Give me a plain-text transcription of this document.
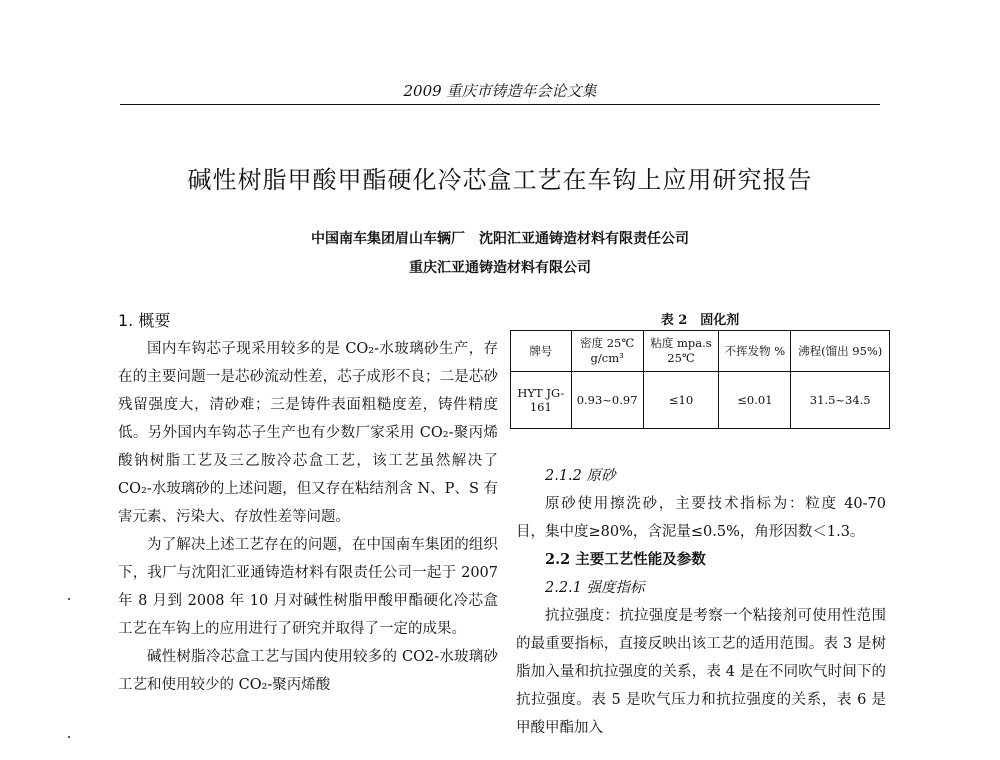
2009 重庆市铸造年会论文集
碱性树脂甲酸甲酯硬化冷芯盒工艺在车钩上应用研究报告
中国南车集团眉山车辆厂　沈阳汇亚通铸造材料有限责任公司
重庆汇亚通铸造材料有限公司
1. 概要

国内车钩芯子现采用较多的是 CO₂-水玻璃砂生产，存在的主要问题一是芯砂流动性差，芯子成形不良；二是芯砂残留强度大，清砂难；三是铸件表面粗糙度差，铸件精度低。另外国内车钩芯子生产也有少数厂家采用 CO₂-聚丙烯酸钠树脂工艺及三乙胺冷芯盒工艺，该工艺虽然解决了 CO₂-水玻璃砂的上述问题，但又存在粘结剂含 N、P、S 有害元素、污染大、存放性差等问题。

为了解决上述工艺存在的问题，在中国南车集团的组织下，我厂与沈阳汇亚通铸造材料有限责任公司一起于 2007 年 8 月到 2008 年 10 月对碱性树脂甲酸甲酯硬化冷芯盒工艺在车钩上的应用进行了研究并取得了一定的成果。

碱性树脂冷芯盒工艺与国内使用较多的 CO2-水玻璃砂工艺和使用较少的 CO₂-聚丙烯酸

表 2　固化剂
牌号	密度 25℃ g/cm³	粘度 mpa.s 25℃	不挥发物 %	沸程(馏出 95%)
HYT JG-161	0.93~0.97	≤10	≤0.01	31.5~34.5

2.1.2 原砂

原砂使用擦洗砂，主要技术指标为：粒度 40-70 目，集中度≥80%，含泥量≤0.5%，角形因数＜1.3。

2.2 主要工艺性能及参数

2.2.1 强度指标

抗拉强度：抗拉强度是考察一个粘接剂可使用性范围的最重要指标，直接反映出该工艺的适用范围。表 3 是树脂加入量和抗拉强度的关系，表 4 是在不同吹气时间下的抗拉强度。表 5 是吹气压力和抗拉强度的关系，表 6 是甲酸甲酯加入
